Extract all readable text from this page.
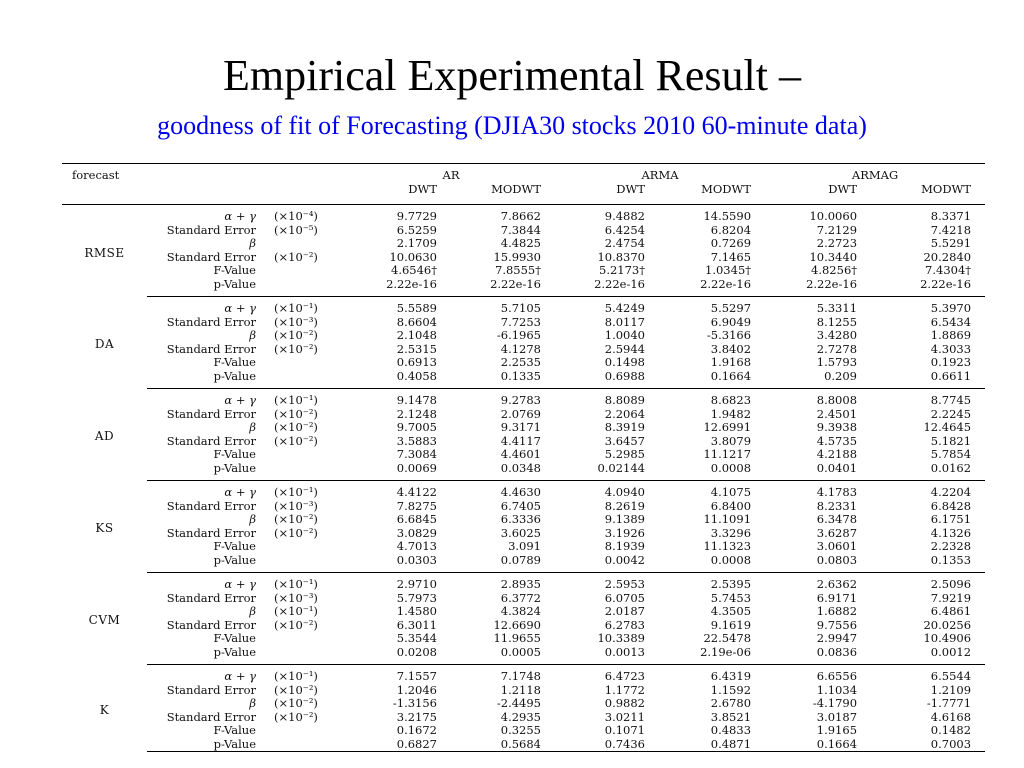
Empirical Experimental Result –
goodness of fit of Forecasting (DJIA30 stocks 2010 60-minute data)
forecast			AR		ARMA		ARMAG	
			DWT	MODWT	DWT	MODWT	DWT	MODWT
RMSE	α + γ	(×10⁻⁴)	9.7729	7.8662	9.4882	14.5590	10.0060	8.3371
	Standard Error	(×10⁻⁵)	6.5259	7.3844	6.4254	6.8204	7.2129	7.4218
	β		2.1709	4.4825	2.4754	0.7269	2.2723	5.5291
	Standard Error	(×10⁻²)	10.0630	15.9930	10.8370	7.1465	10.3440	20.2840
	F-Value		4.6546†	7.8555†	5.2173†	1.0345†	4.8256†	7.4304†
	p-Value		2.22e-16	2.22e-16	2.22e-16	2.22e-16	2.22e-16	2.22e-16
DA	α + γ	(×10⁻¹)	5.5589	5.7105	5.4249	5.5297	5.3311	5.3970
	Standard Error	(×10⁻³)	8.6604	7.7253	8.0117	6.9049	8.1255	6.5434
	β	(×10⁻²)	2.1048	-6.1965	1.0040	-5.3166	3.4280	1.8869
	Standard Error	(×10⁻²)	2.5315	4.1278	2.5944	3.8402	2.7278	4.3033
	F-Value		0.6913	2.2535	0.1498	1.9168	1.5793	0.1923
	p-Value		0.4058	0.1335	0.6988	0.1664	0.209	0.6611
AD	α + γ	(×10⁻¹)	9.1478	9.2783	8.8089	8.6823	8.8008	8.7745
	Standard Error	(×10⁻²)	2.1248	2.0769	2.2064	1.9482	2.4501	2.2245
	β	(×10⁻²)	9.7005	9.3171	8.3919	12.6991	9.3938	12.4645
	Standard Error	(×10⁻²)	3.5883	4.4117	3.6457	3.8079	4.5735	5.1821
	F-Value		7.3084	4.4601	5.2985	11.1217	4.2188	5.7854
	p-Value		0.0069	0.0348	0.02144	0.0008	0.0401	0.0162
KS	α + γ	(×10⁻¹)	4.4122	4.4630	4.0940	4.1075	4.1783	4.2204
	Standard Error	(×10⁻³)	7.8275	6.7405	8.2619	6.8400	8.2331	6.8428
	β	(×10⁻²)	6.6845	6.3336	9.1389	11.1091	6.3478	6.1751
	Standard Error	(×10⁻²)	3.0829	3.6025	3.1926	3.3296	3.6287	4.1326
	F-Value		4.7013	3.091	8.1939	11.1323	3.0601	2.2328
	p-Value		0.0303	0.0789	0.0042	0.0008	0.0803	0.1353
CVM	α + γ	(×10⁻¹)	2.9710	2.8935	2.5953	2.5395	2.6362	2.5096
	Standard Error	(×10⁻³)	5.7973	6.3772	6.0705	5.7453	6.9171	7.9219
	β	(×10⁻¹)	1.4580	4.3824	2.0187	4.3505	1.6882	6.4861
	Standard Error	(×10⁻²)	6.3011	12.6690	6.2783	9.1619	9.7556	20.0256
	F-Value		5.3544	11.9655	10.3389	22.5478	2.9947	10.4906
	p-Value		0.0208	0.0005	0.0013	2.19e-06	0.0836	0.0012
K	α + γ	(×10⁻¹)	7.1557	7.1748	6.4723	6.4319	6.6556	6.5544
	Standard Error	(×10⁻²)	1.2046	1.2118	1.1772	1.1592	1.1034	1.2109
	β	(×10⁻²)	-1.3156	-2.4495	0.9882	2.6780	-4.1790	-1.7771
	Standard Error	(×10⁻²)	3.2175	4.2935	3.0211	3.8521	3.0187	4.6168
	F-Value		0.1672	0.3255	0.1071	0.4833	1.9165	0.1482
	p-Value		0.6827	0.5684	0.7436	0.4871	0.1664	0.7003
